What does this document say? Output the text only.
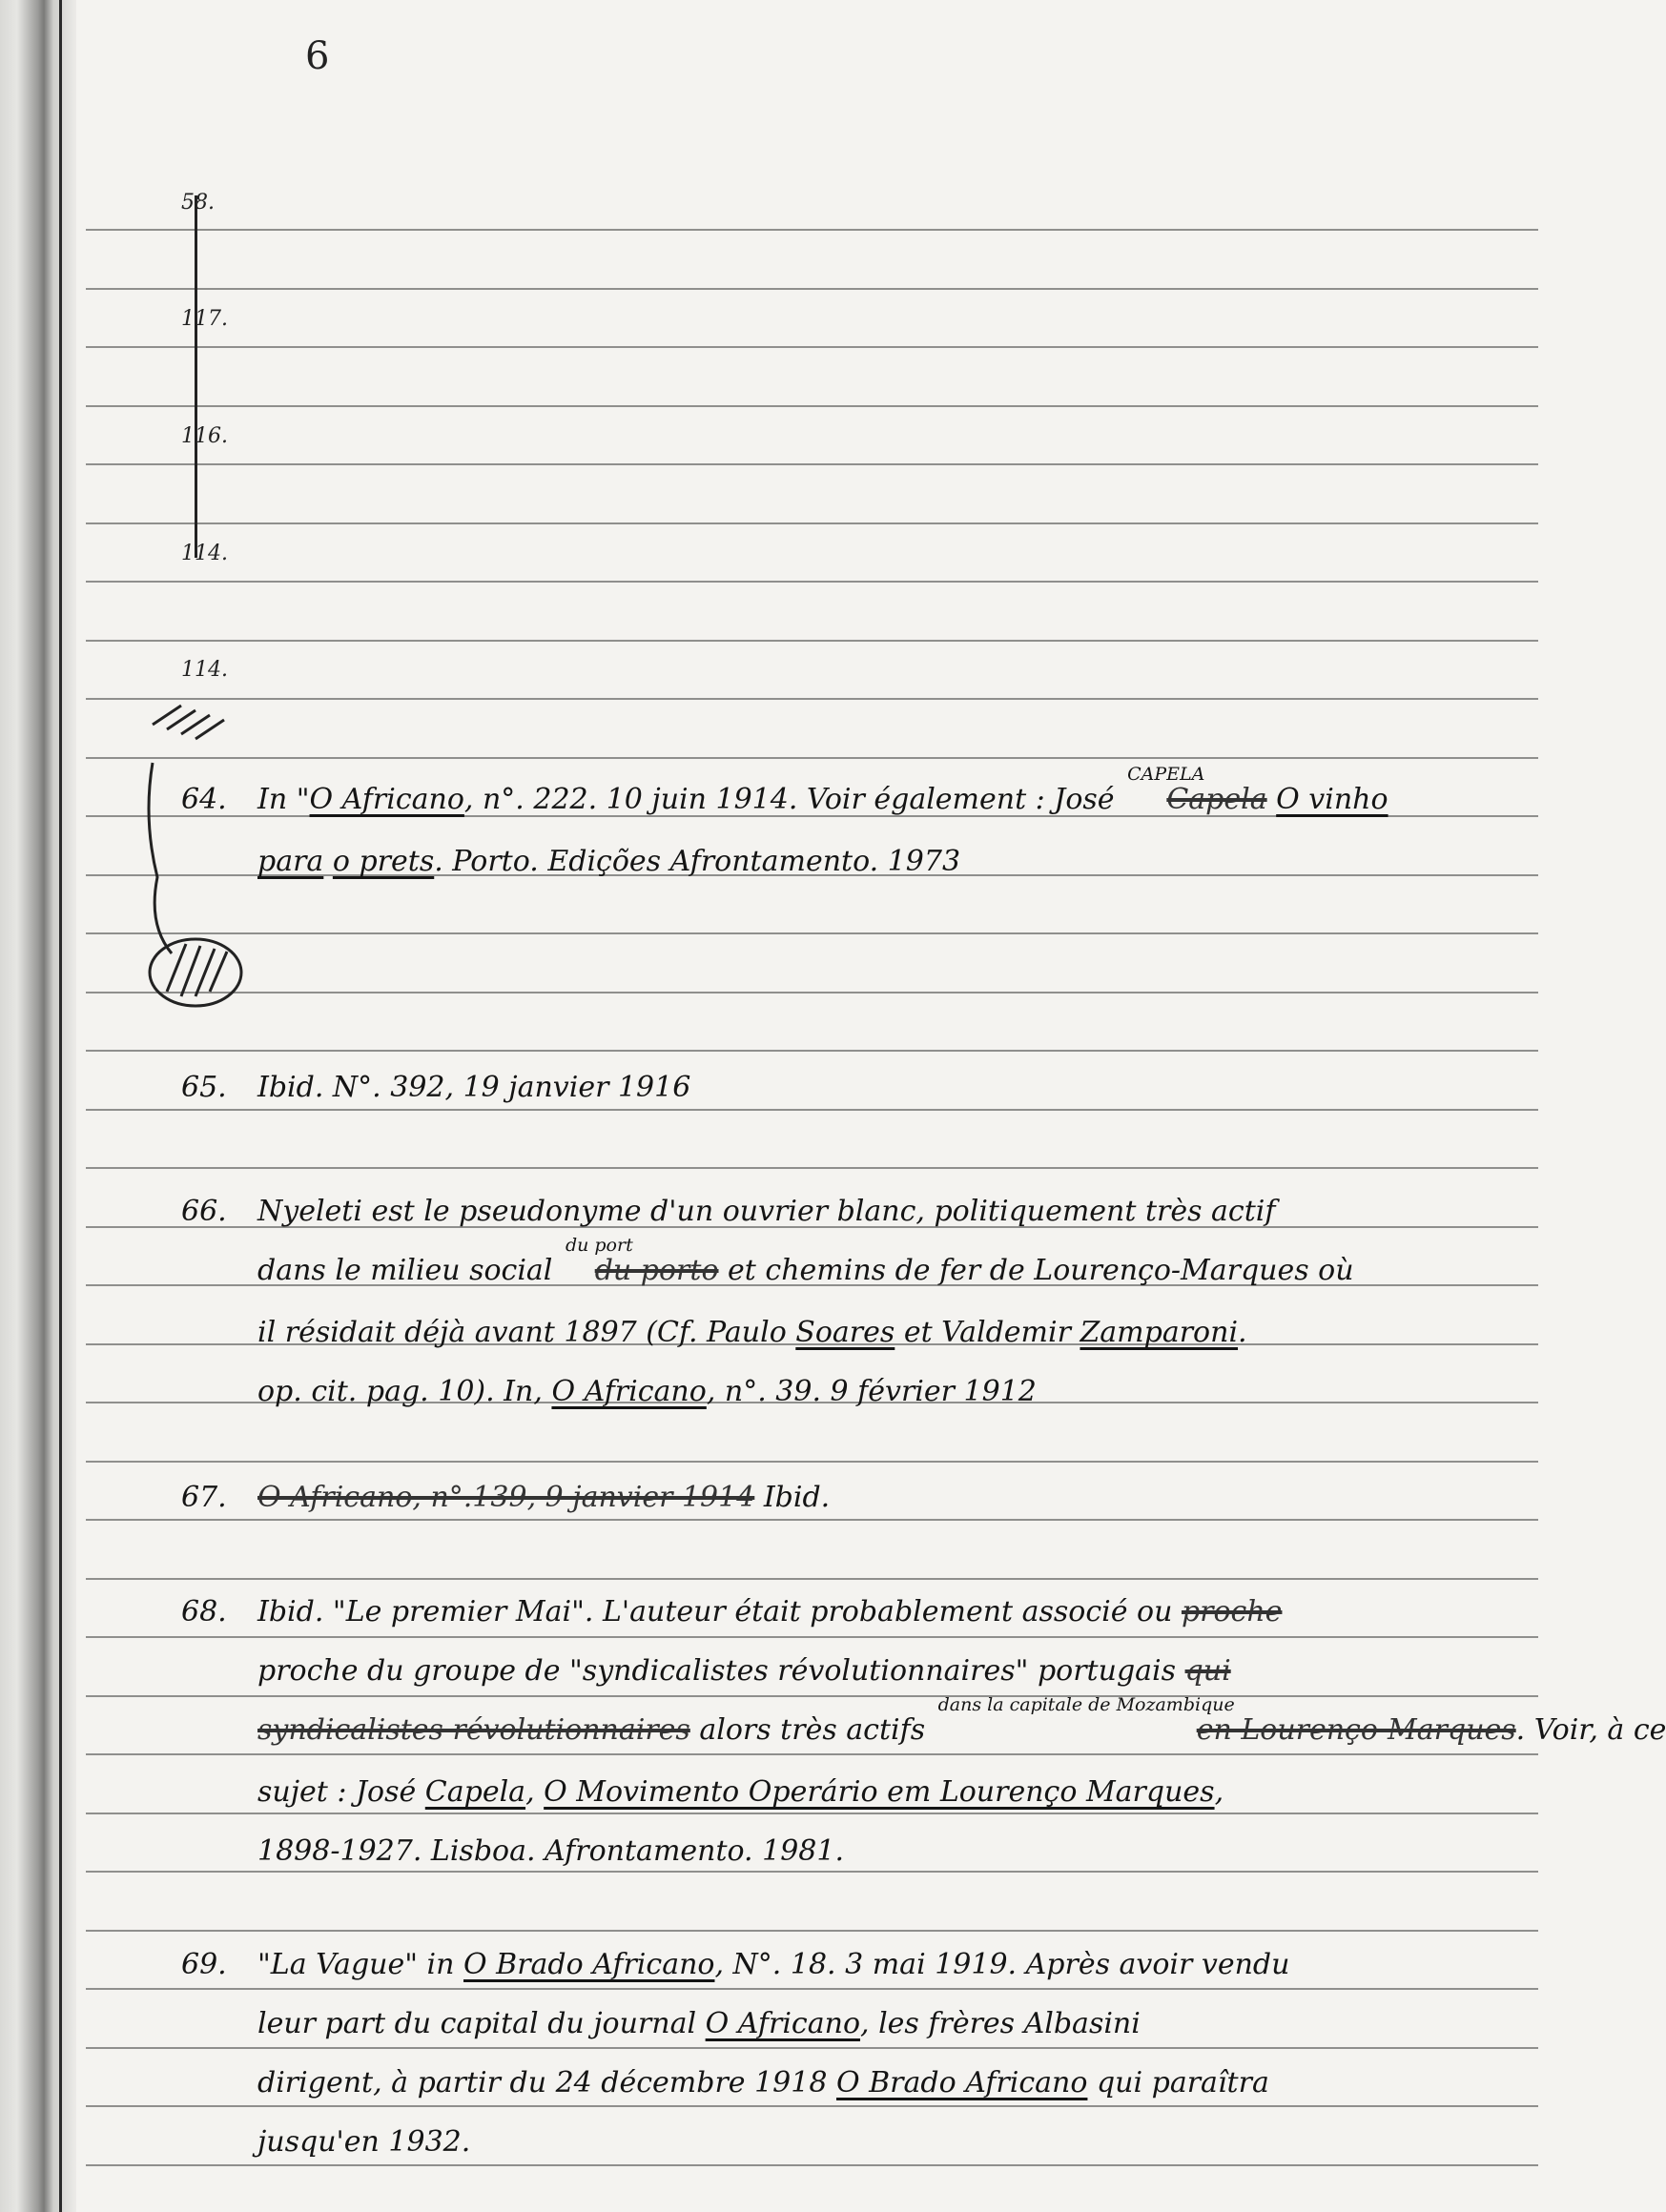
6
58.
117.
116.
114.
114.
64. In "O Africano, n°. 222. 10 juin 1914. Voir également : José $^{CAPELA}$Capela O vinho
para o prets. Porto. Edições Afrontamento. 1973
65. Ibid. N°. 392, 19 janvier 1916
66. Nyeleti est le pseudonyme d'un ouvrier blanc, politiquement très actif
dans le milieu social $^{du port}$du porto et chemins de fer de Lourenço-Marques où
il résidait déjà avant 1897 (Cf. Paulo Soares et Valdemir Zamparoni.
op. cit. pag. 10). In, O Africano, n°. 39. 9 février 1912
67. O Africano, n°.139, 9 janvier 1914 Ibid.
68. Ibid. "Le premier Mai". L'auteur était probablement associé ou proche
proche du groupe de "syndicalistes révolutionnaires" portugais qui
syndicalistes révolutionnaires alors très actifs $^{dans la capitale de Mozambique}$en Lourenço-Marques. Voir, à ce
sujet : José Capela, O Movimento Operário em Lourenço Marques,
1898-1927. Lisboa. Afrontamento. 1981.
69. "La Vague" in O Brado Africano, N°. 18. 3 mai 1919. Après avoir vendu
leur part du capital du journal O Africano, les frères Albasini
dirigent, à partir du 24 décembre 1918 O Brado Africano qui paraîtra
jusqu'en 1932.
